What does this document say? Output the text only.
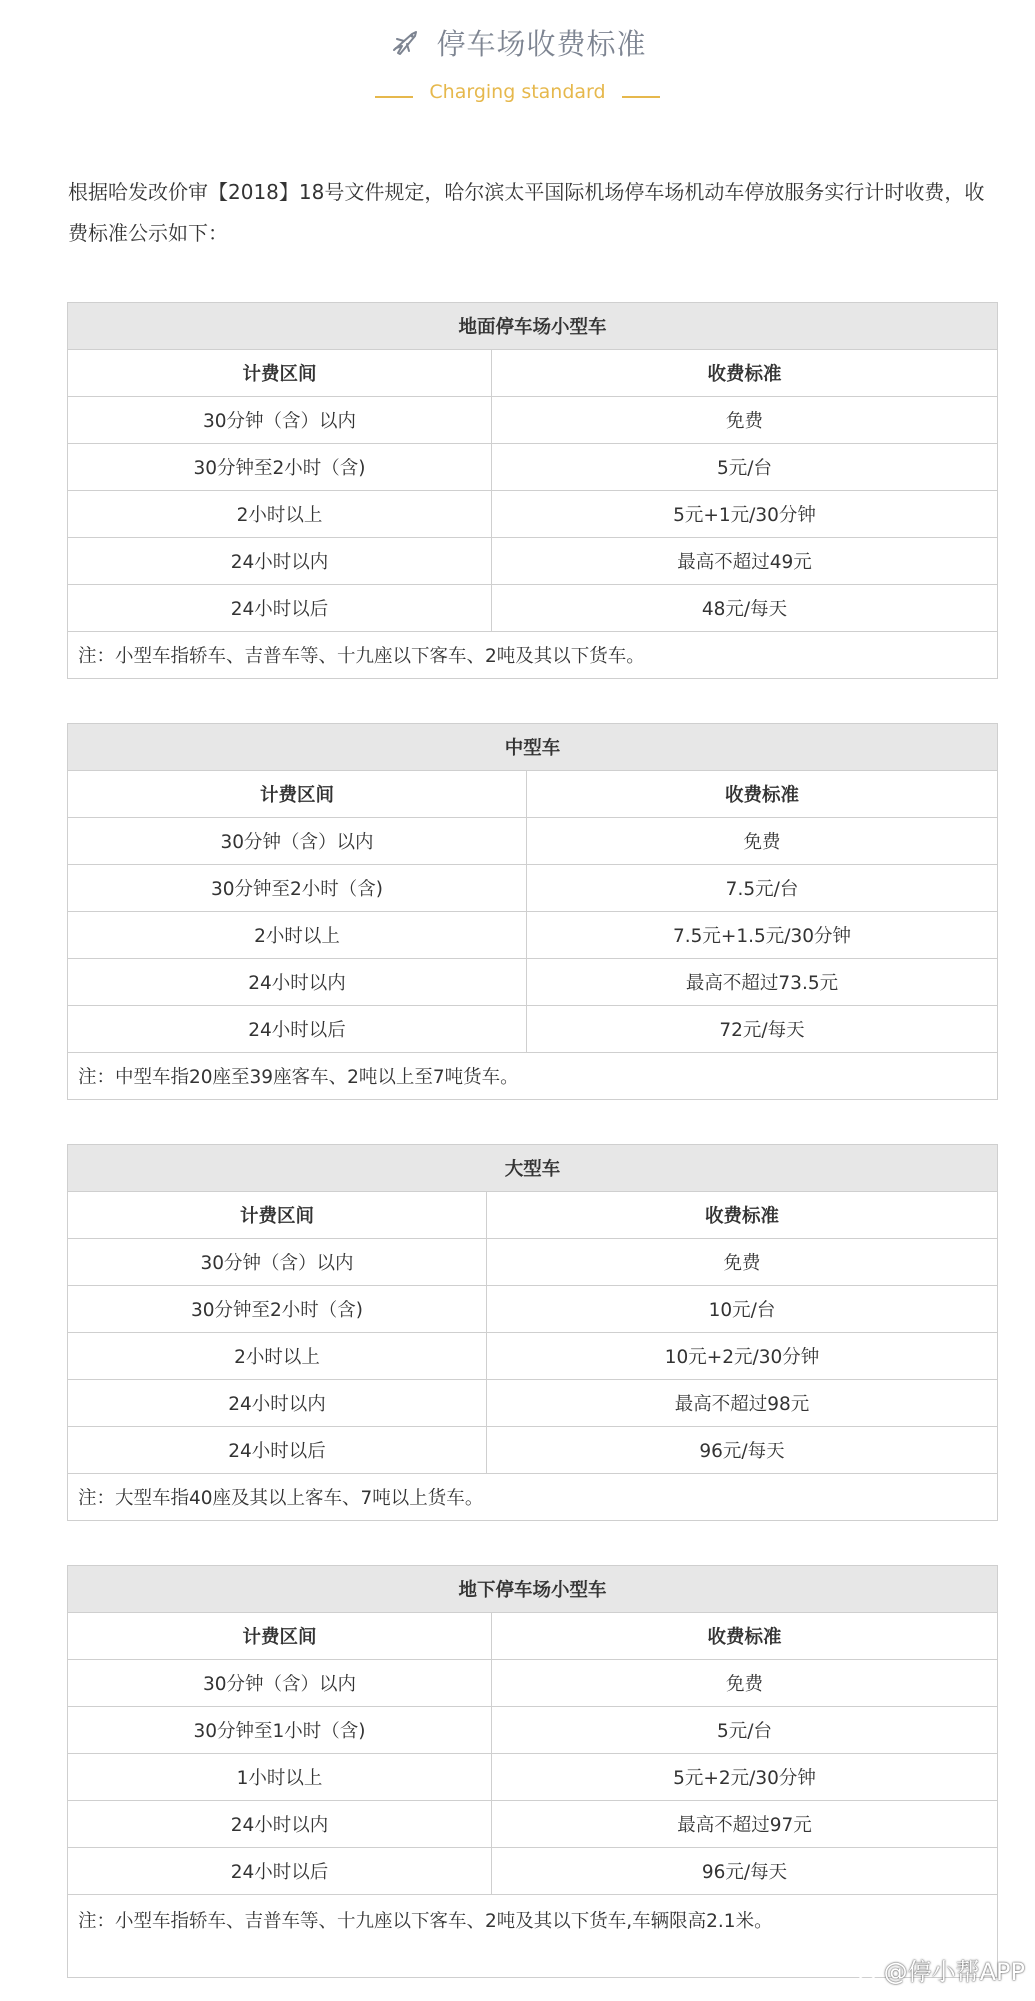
停车场收费标准
Charging standard
根据哈发改价审【2018】18号文件规定，哈尔滨太平国际机场停车场机动车停放服务实行计时收费，收费标准公示如下：
地面停车场小型车	
计费区间	收费标准
30分钟（含）以内	免费
30分钟至2小时（含)	5元/台
2小时以上	5元+1元/30分钟
24小时以内	最高不超过49元
24小时以后	48元/每天
注：小型车指轿车、吉普车等、十九座以下客车、2吨及其以下货车。	
中型车	
计费区间	收费标准
30分钟（含）以内	免费
30分钟至2小时（含)	7.5元/台
2小时以上	7.5元+1.5元/30分钟
24小时以内	最高不超过73.5元
24小时以后	72元/每天
注：中型车指20座至39座客车、2吨以上至7吨货车。	
大型车	
计费区间	收费标准
30分钟（含）以内	免费
30分钟至2小时（含)	10元/台
2小时以上	10元+2元/30分钟
24小时以内	最高不超过98元
24小时以后	96元/每天
注：大型车指40座及其以上客车、7吨以上货车。	
地下停车场小型车	
计费区间	收费标准
30分钟（含）以内	免费
30分钟至1小时（含)	5元/台
1小时以上	5元+2元/30分钟
24小时以内	最高不超过97元
24小时以后	96元/每天
注：小型车指轿车、吉普车等、十九座以下客车、2吨及其以下货车,车辆限高2.1米。	
@停小帮APP
